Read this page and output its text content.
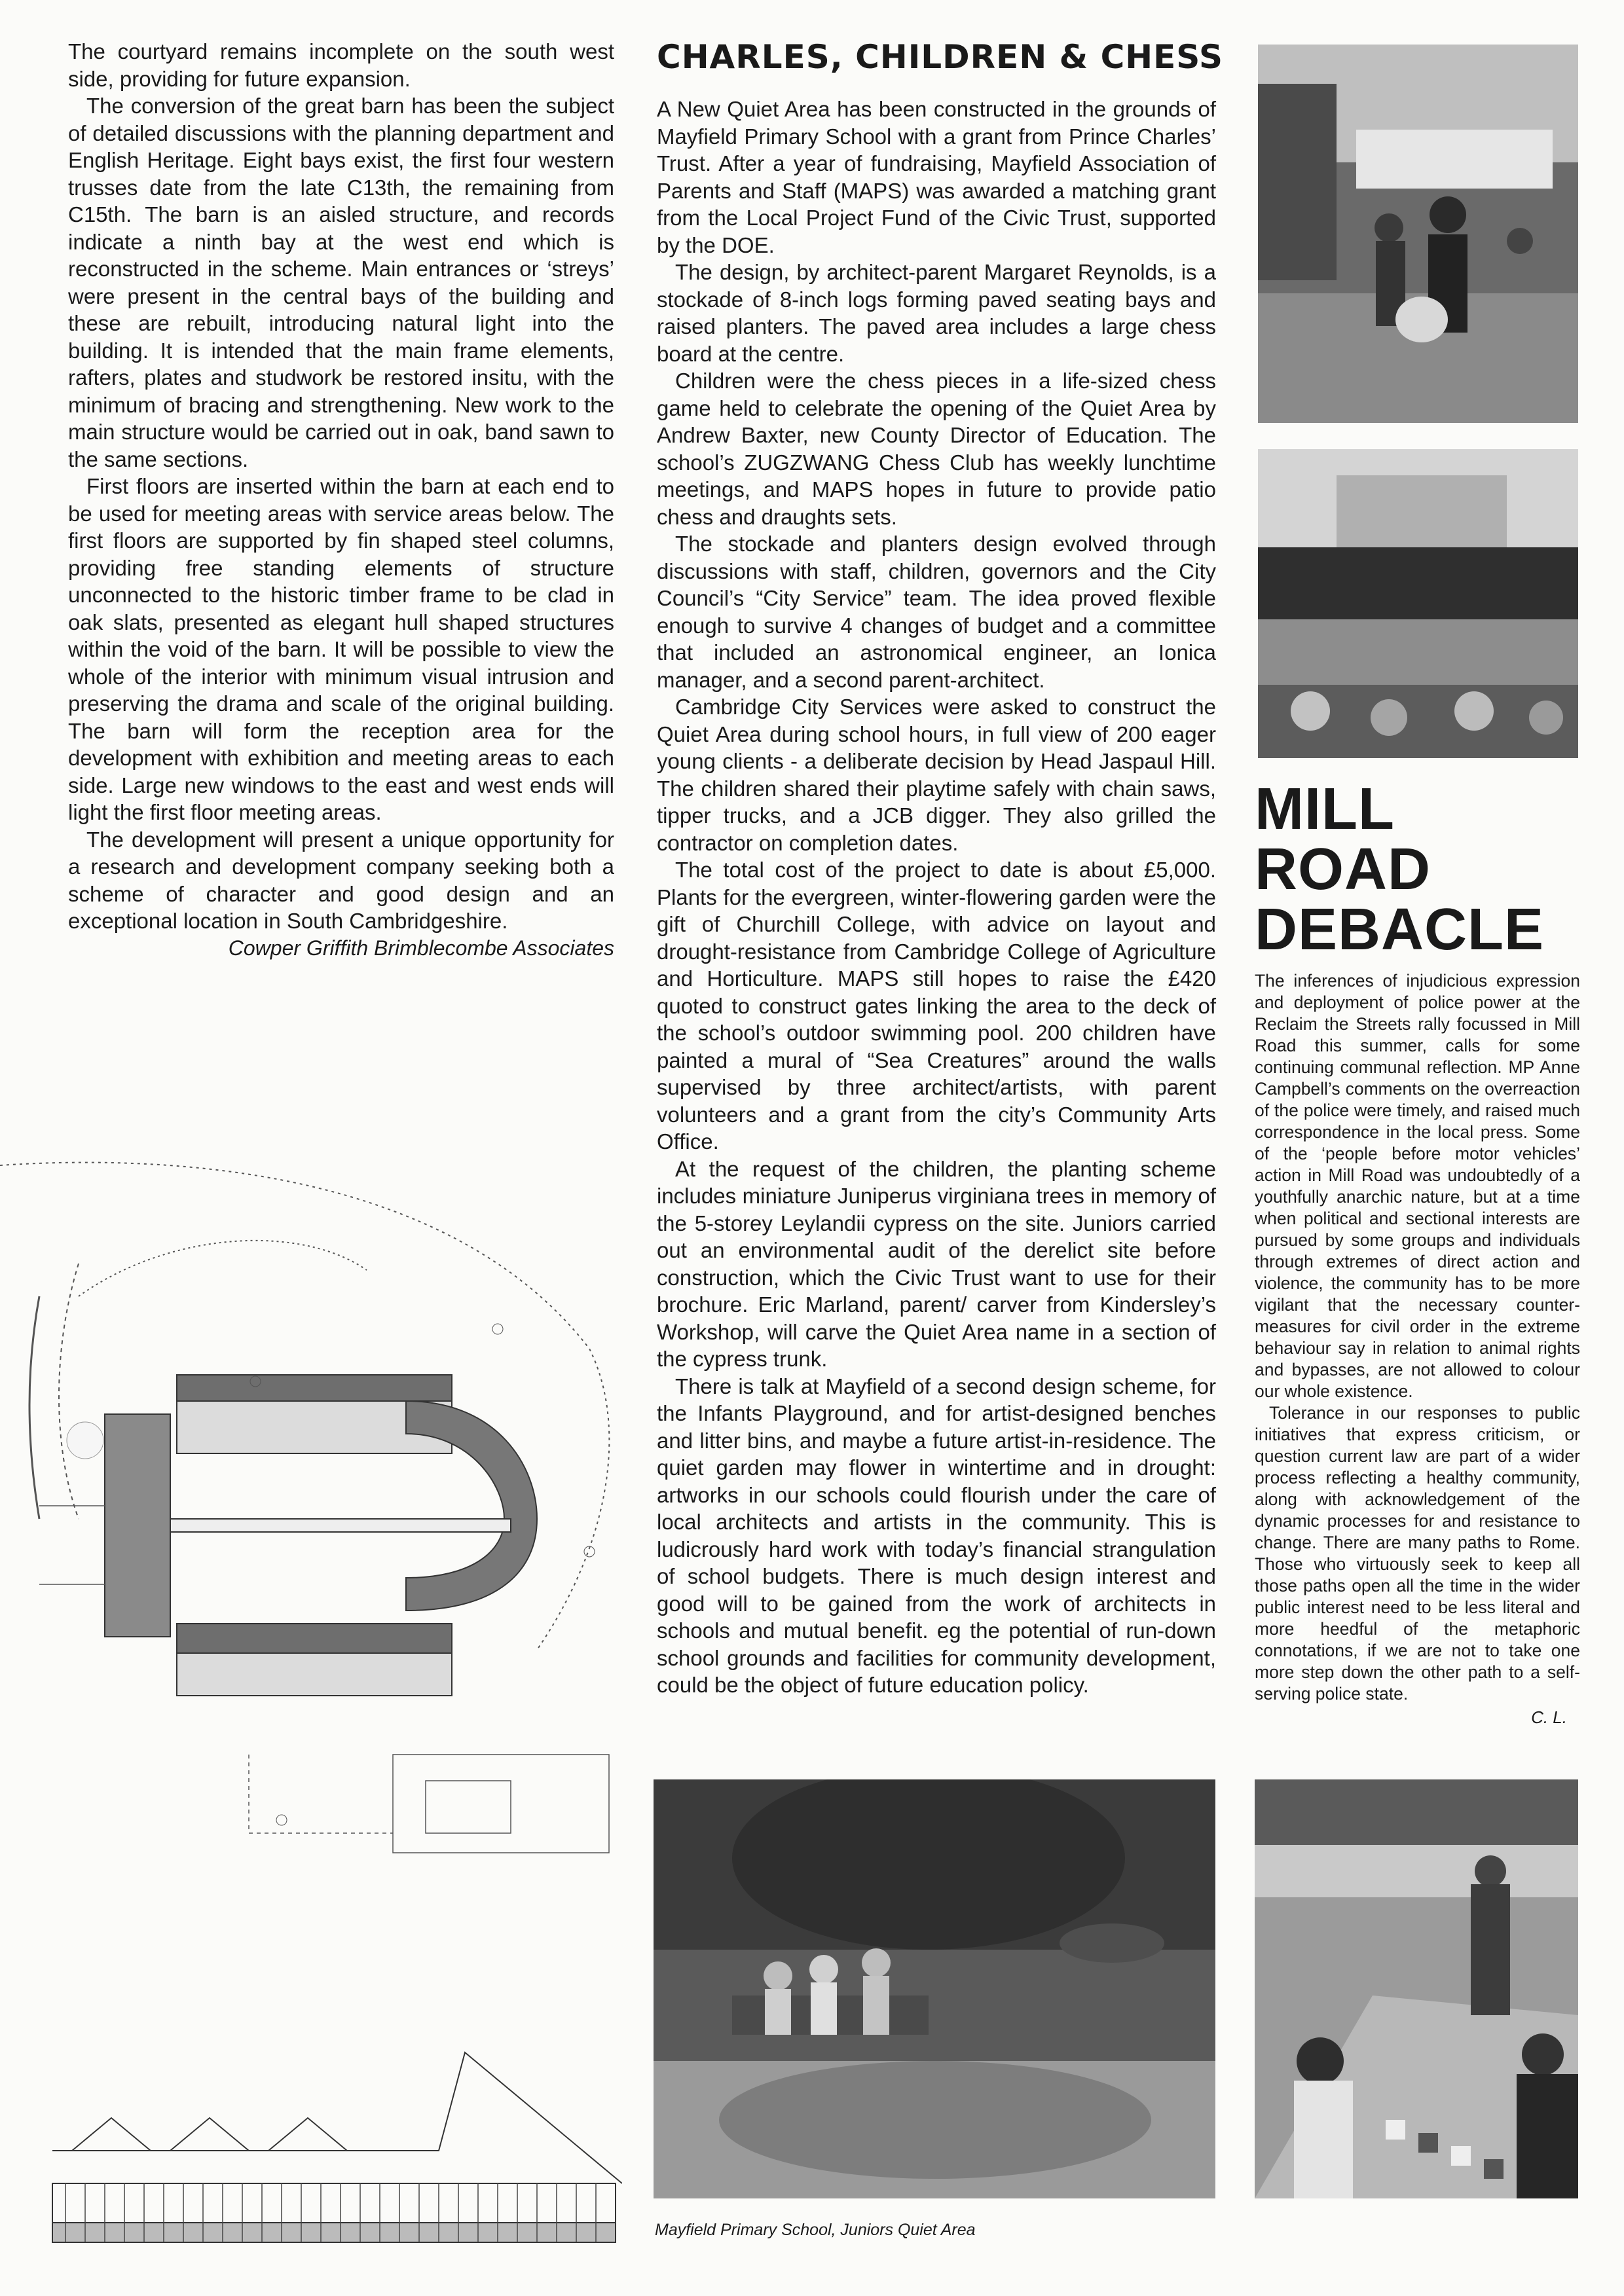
The courtyard remains incomplete on the south west side, providing for future expansion.

The conversion of the great barn has been the subject of detailed discussions with the planning department and English Heritage. Eight bays exist, the first four western trusses date from the late C13th, the remaining from C15th. The barn is an aisled structure, and records indicate a ninth bay at the west end which is reconstructed in the scheme. Main entrances or ‘streys’ were present in the central bays of the building and these are rebuilt, introducing natural light into the building. It is intended that the main frame elements, rafters, plates and studwork be restored insitu, with the minimum of bracing and strengthening. New work to the main structure would be carried out in oak, band sawn to the same sections.

First floors are inserted within the barn at each end to be used for meeting areas with service areas below. The first floors are supported by fin shaped steel columns, providing free standing elements of structure unconnected to the historic timber frame to be clad in oak slats, presented as elegant hull shaped structures within the void of the barn. It will be possible to view the whole of the interior with minimum visual intrusion and preserving the drama and scale of the original building. The barn will form the reception area for the development with exhibition and meeting areas to each side. Large new windows to the east and west ends will light the first floor meeting areas.

The development will present a unique opportunity for a research and development company seeking both a scheme of character and good design and an exceptional location in South Cambridgeshire.

Cowper Griffith Brimblecombe Associates
CHARLES, CHILDREN & CHESS

A New Quiet Area has been constructed in the grounds of Mayfield Primary School with a grant from Prince Charles’ Trust. After a year of fundraising, Mayfield Association of Parents and Staff (MAPS) was awarded a matching grant from the Local Project Fund of the Civic Trust, supported by the DOE.

The design, by architect-parent Margaret Reynolds, is a stockade of 8-inch logs forming paved seating bays and raised planters. The paved area includes a large chess board at the centre.

Children were the chess pieces in a life-sized chess game held to celebrate the opening of the Quiet Area by Andrew Baxter, new County Director of Education. The school’s ZUGZWANG Chess Club has weekly lunchtime meetings, and MAPS hopes in future to provide patio chess and draughts sets.

The stockade and planters design evolved through discussions with staff, children, governors and the City Council’s “City Service” team. The idea proved flexible enough to survive 4 changes of budget and a committee that included an astronomical engineer, an Ionica manager, and a second parent-architect.

Cambridge City Services were asked to construct the Quiet Area during school hours, in full view of 200 eager young clients - a deliberate decision by Head Jaspaul Hill. The children shared their playtime safely with chain saws, tipper trucks, and a JCB digger. They also grilled the contractor on completion dates.

The total cost of the project to date is about £5,000. Plants for the evergreen, winter-flowering garden were the gift of Churchill College, with advice on layout and drought-resistance from Cambridge College of Agriculture and Horticulture. MAPS still hopes to raise the £420 quoted to construct gates linking the area to the deck of the school’s outdoor swimming pool. 200 children have painted a mural of “Sea Creatures” around the walls supervised by three architect/artists, with parent volunteers and a grant from the city’s Community Arts Office.

At the request of the children, the planting scheme includes miniature Juniperus virginiana trees in memory of the 5-storey Leylandii cypress on the site. Juniors carried out an environmental audit of the derelict site before construction, which the Civic Trust want to use for their brochure. Eric Marland, parent/ carver from Kindersley’s Workshop, will carve the Quiet Area name in a section of the cypress trunk.

There is talk at Mayfield of a second design scheme, for the Infants Playground, and for artist-designed benches and litter bins, and maybe a future artist-in-residence. The quiet garden may flower in wintertime and in drought: artworks in our schools could flourish under the care of local architects and artists in the community. This is ludicrously hard work with today’s financial strangulation of school budgets. There is much design interest and good will to be gained from the work of architects in schools and mutual benefit. eg the potential of run-down school grounds and facilities for community development, could be the object of future education policy.

Mayfield Primary School, Juniors Quiet Area
MILL ROAD
DEBACLE

The inferences of injudicious expression and deployment of police power at the Reclaim the Streets rally focussed in Mill Road this summer, calls for some continuing communal reflection. MP Anne Campbell’s comments on the overreaction of the police were timely, and raised much correspondence in the local press. Some of the ‘people before motor vehicles’ action in Mill Road was undoubtedly of a youthfully anarchic nature, but at a time when political and sectional interests are pursued by some groups and individuals through extremes of direct action and violence, the community has to be more vigilant that the necessary counter-measures for civil order in the extreme behaviour say in relation to animal rights and bypasses, are not allowed to colour our whole existence.

Tolerance in our responses to public initiatives that express criticism, or question current law are part of a wider process reflecting a healthy community, along with acknowledgement of the dynamic processes for and resistance to change. There are many paths to Rome. Those who virtuously seek to keep all those paths open all the time in the wider public interest need to be less literal and more heedful of the metaphoric connotations, if we are not to take one more step down the other path to a self-serving police state.

C. L.
